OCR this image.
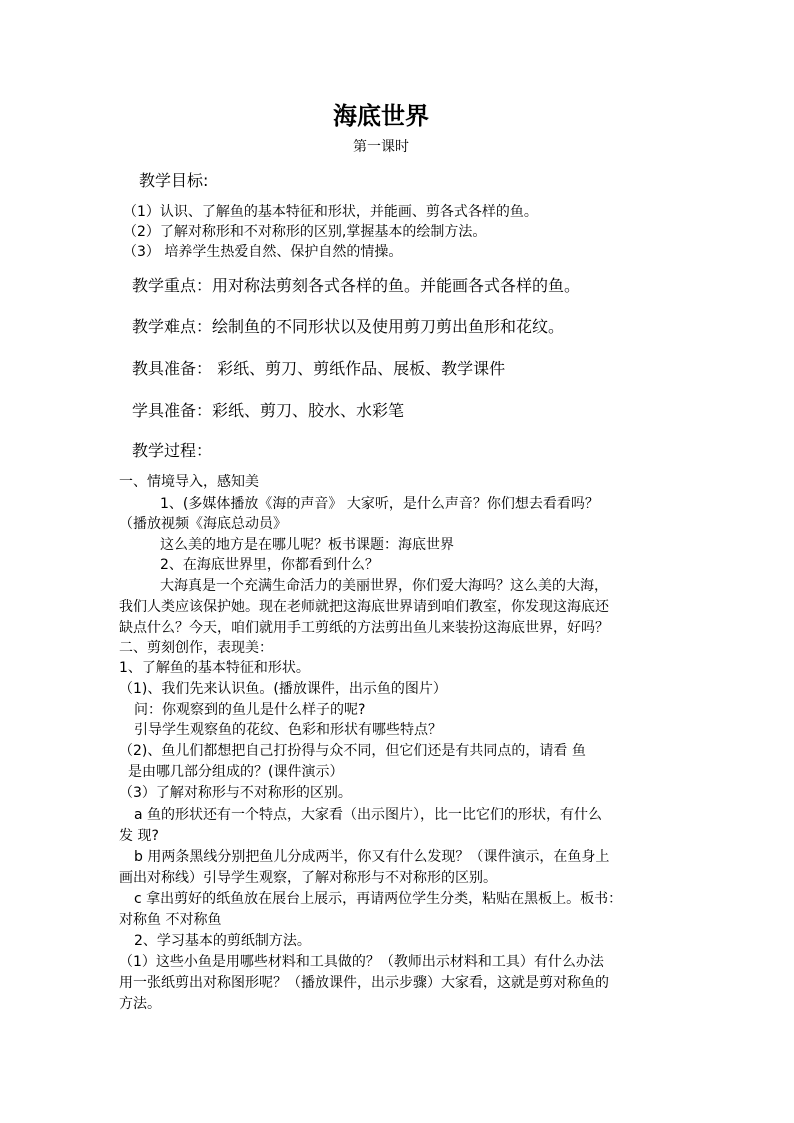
海底世界
第一课时
教学目标:
（1）认识、了解鱼的基本特征和形状，并能画、剪各式各样的鱼。
（2）了解对称形和不对称形的区别,掌握基本的绘制方法。
（3） 培养学生热爱自然、保护自然的情操。
教学重点：用对称法剪刻各式各样的鱼。并能画各式各样的鱼。
教学难点：绘制鱼的不同形状以及使用剪刀剪出鱼形和花纹。
教具准备： 彩纸、剪刀、剪纸作品、展板、教学课件
学具准备：彩纸、剪刀、胶水、水彩笔
教学过程：
一、情境导入，感知美
1、(多媒体播放《海的声音》 大家听，是什么声音？你们想去看看吗？
（播放视频《海底总动员》
这么美的地方是在哪儿呢？板书课题：海底世界
2、在海底世界里，你都看到什么？
大海真是一个充满生命活力的美丽世界，你们爱大海吗？这么美的大海，
我们人类应该保护她。现在老师就把这海底世界请到咱们教室，你发现这海底还
缺点什么？今天，咱们就用手工剪纸的方法剪出鱼儿来装扮这海底世界，好吗？
二、剪刻创作，表现美：
1、了解鱼的基本特征和形状。
（1)、我们先来认识鱼。(播放课件，出示鱼的图片）
问：你观察到的鱼儿是什么样子的呢?
引导学生观察鱼的花纹、色彩和形状有哪些特点？
（2)、鱼儿们都想把自己打扮得与众不同，但它们还是有共同点的，请看 鱼
是由哪几部分组成的？(课件演示）
（3）了解对称形与不对称形的区别。
a 鱼的形状还有一个特点，大家看（出示图片），比一比它们的形状，有什么
发 现?
b 用两条黑线分别把鱼儿分成两半，你又有什么发现？（课件演示，在鱼身上
画出对称线）引导学生观察，了解对称形与不对称形的区别。
c 拿出剪好的纸鱼放在展台上展示，再请两位学生分类，粘贴在黑板上。板书：
对称鱼 不对称鱼
2、学习基本的剪纸制方法。
（1）这些小鱼是用哪些材料和工具做的？（教师出示材料和工具）有什么办法
用一张纸剪出对称图形呢？（播放课件，出示步骤）大家看，这就是剪对称鱼的
方法。
